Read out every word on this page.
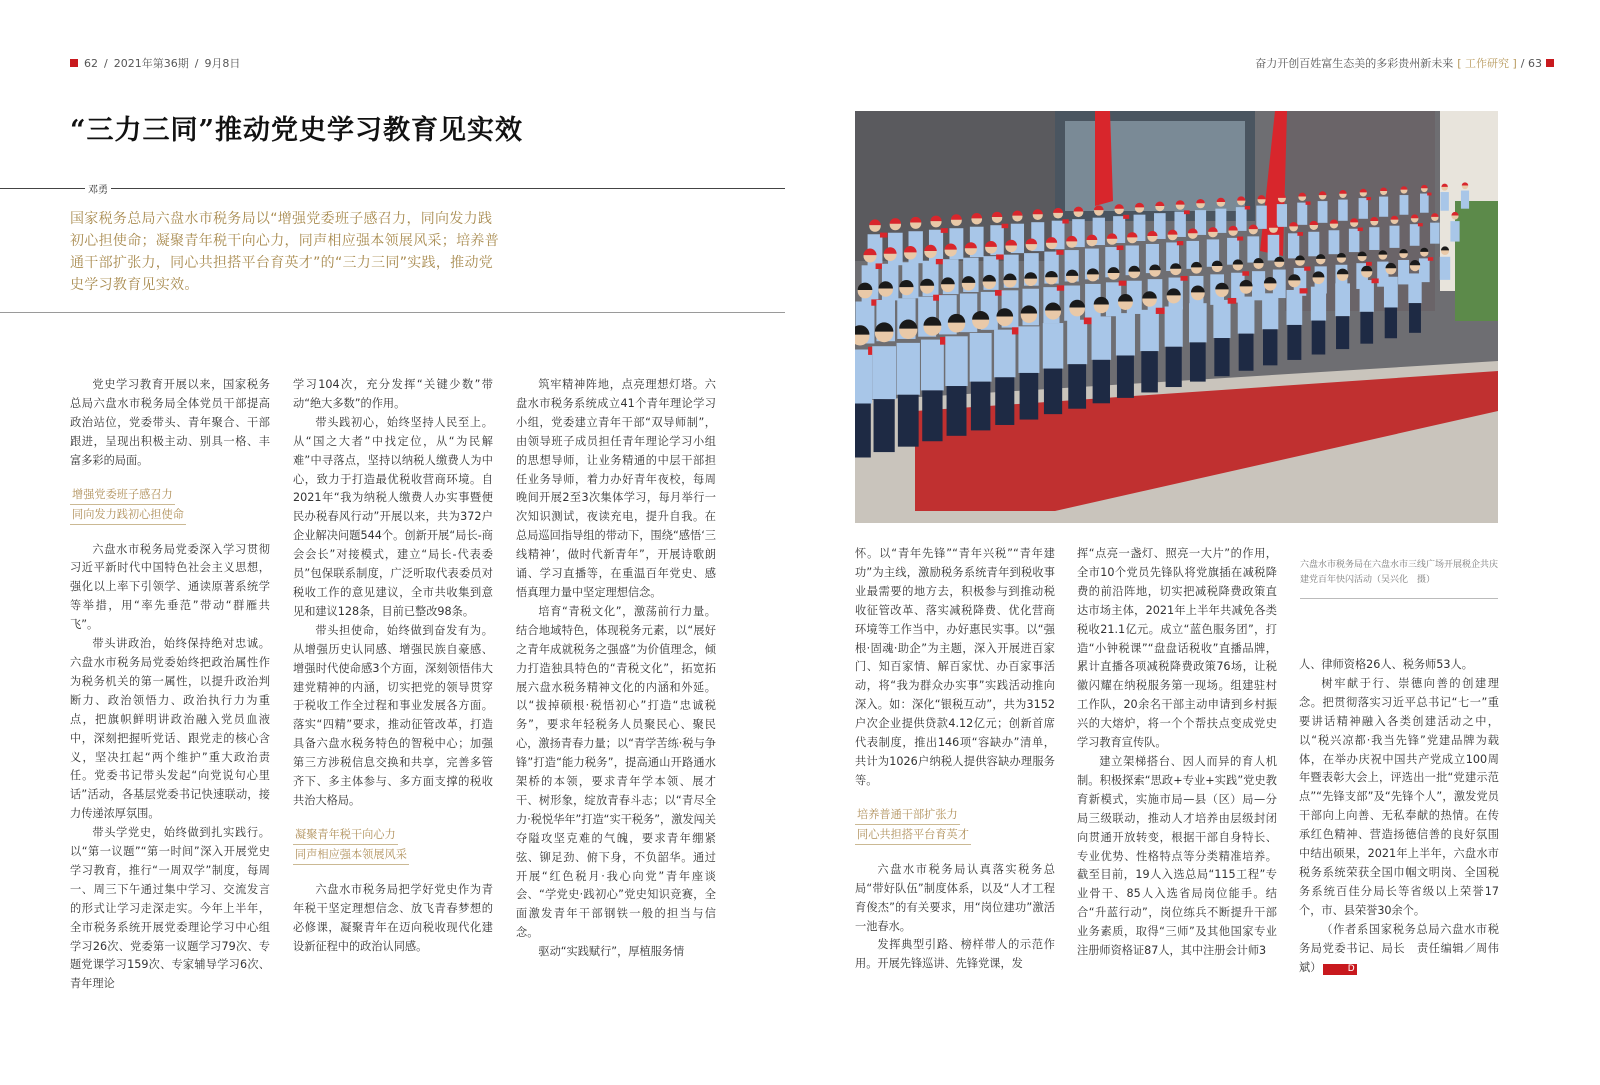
62 / 2021年第36期 / 9月8日	奋力开创百姓富生态美的多彩贵州新未来 [ 工作研究 ] / 63
“三力三同”推动党史学习教育见实效
邓勇
国家税务总局六盘水市税务局以“增强党委班子感召力，同向发力践初心担使命；凝聚青年税干向心力，同声相应强本领展风采；培养普通干部扩张力，同心共担搭平台育英才”的“三力三同”实践，推动党史学习教育见实效。

党史学习教育开展以来，国家税务总局六盘水市税务局全体党员干部提高政治站位，党委带头、青年聚合、干部跟进，呈现出积极主动、别具一格、丰富多彩的局面。

增强党委班子感召力
同向发力践初心担使命

六盘水市税务局党委深入学习贯彻习近平新时代中国特色社会主义思想，强化以上率下引领学、通读原著系统学等举措，用“率先垂范”带动“群雁共飞”。

带头讲政治，始终保持绝对忠诚。六盘水市税务局党委始终把政治属性作为税务机关的第一属性，以提升政治判断力、政治领悟力、政治执行力为重点，把旗帜鲜明讲政治融入党员血液中，深刻把握听党话、跟党走的核心含义，坚决扛起“两个维护”重大政治责任。党委书记带头发起“向党说句心里话”活动，各基层党委书记快速联动，接力传递浓厚氛围。

带头学党史，始终做到扎实践行。以“第一议题”“第一时间”深入开展党史学习教育，推行“一周双学”制度，每周一、周三下午通过集中学习、交流发言的形式让学习走深走实。今年上半年，全市税务系统开展党委理论学习中心组学习26次、党委第一议题学习79次、专题党课学习159次、专家辅导学习6次、青年理论

学习104次，充分发挥“关键少数”带动“绝大多数”的作用。

带头践初心，始终坚持人民至上。从“国之大者”中找定位，从“为民解难”中寻落点，坚持以纳税人缴费人为中心，致力于打造最优税收营商环境。自2021年“我为纳税人缴费人办实事暨便民办税春风行动”开展以来，共为372户企业解决问题544个。创新开展“局长-商会会长”对接模式，建立“局长-代表委员”包保联系制度，广泛听取代表委员对税收工作的意见建议，全市共收集到意见和建议128条，目前已整改98条。

带头担使命，始终做到奋发有为。从增强历史认同感、增强民族自豪感、增强时代使命感3个方面，深刻领悟伟大建党精神的内涵，切实把党的领导贯穿于税收工作全过程和事业发展各方面。落实“四精”要求，推动征管改革，打造具备六盘水税务特色的智税中心；加强第三方涉税信息交换和共享，完善多管齐下、多主体参与、多方面支撑的税收共治大格局。

凝聚青年税干向心力
同声相应强本领展风采

六盘水市税务局把学好党史作为青年税干坚定理想信念、放飞青春梦想的必修课，凝聚青年在迈向税收现代化建设新征程中的政治认同感。

筑牢精神阵地，点亮理想灯塔。六盘水市税务系统成立41个青年理论学习小组，党委建立青年干部“双导师制”，由领导班子成员担任青年理论学习小组的思想导师，让业务精通的中层干部担任业务导师，着力办好青年夜校，每周晚间开展2至3次集体学习，每月举行一次知识测试，夜读充电，提升自我。在总局巡回指导组的带动下，围绕“感悟‘三线精神’，做时代新青年”，开展诗歌朗诵、学习直播等，在重温百年党史、感悟真理力量中坚定理想信念。

培育“青税文化”，激荡前行力量。结合地域特色，体现税务元素，以“展好之青年成就税务之强盛”为价值理念，倾力打造独具特色的“青税文化”，拓宽拓展六盘水税务精神文化的内涵和外延。以“拔掉硕根·税悟初心”打造“忠诚税务”，要求年轻税务人员聚民心、聚民心，激扬青春力量；以“青学苦练·税与争锋”打造“能力税务”，提高通山开路通水架桥的本领，要求青年学本领、展才干、树形象，绽放青春斗志；以“青尽全力·税悦华年”打造“实干税务”，激发闯关夺隘攻坚克难的气魄，要求青年绷紧弦、铆足劲、俯下身，不负韶华。通过开展“红色税月·我心向党”青年座谈会、“学党史·践初心”党史知识竞赛，全面激发青年干部钢铁一般的担当与信念。

驱动“实践赋行”，厚植服务情

六盘水市税务局在六盘水市三线广场开展税企共庆建党百年快闪活动（吴兴化　摄）

怀。以“青年先锋”“青年兴税”“青年建功”为主线，激励税务系统青年到税收事业最需要的地方去，积极参与到推动税收征管改革、落实减税降费、优化营商环境等工作当中，办好惠民实事。以“强根·固魂·助企”为主题，深入开展进百家门、知百家情、解百家忧、办百家事活动，将“我为群众办实事”实践活动推向深入。如：深化“银税互动”，共为3152户次企业提供贷款4.12亿元；创新首席代表制度，推出146项“容缺办”清单，共计为1026户纳税人提供容缺办理服务等。

培养普通干部扩张力
同心共担搭平台育英才

六盘水市税务局认真落实税务总局“带好队伍”制度体系，以及“人才工程育俊杰”的有关要求，用“岗位建功”激活一池春水。

发挥典型引路、榜样带人的示范作用。开展先锋巡讲、先锋党课，发

挥“点亮一盏灯、照亮一大片”的作用，全市10个党员先锋队将党旗插在减税降费的前沿阵地，切实把减税降费政策直达市场主体，2021年上半年共减免各类税收21.1亿元。成立“蓝色服务团”，打造“小钟税课”“盘盘话税收”直播品牌，累计直播各项减税降费政策76场，让税徽闪耀在纳税服务第一现场。组建驻村工作队，20余名干部主动申请到乡村振兴的大熔炉，将一个个帮扶点变成党史学习教育宣传队。

建立架梯搭台、因人而异的育人机制。积极探索“思政+专业+实践”党史教育新模式，实施市局—县（区）局—分局三级联动，推动人才培养由层级封闭向贯通开放转变，根据干部自身特长、专业优势、性格特点等分类精准培养。截至目前，19人入选总局“115工程”专业骨干、85人入选省局岗位能手。结合“升蓝行动”，岗位练兵不断提升干部业务素质，取得“三师”及其他国家专业注册师资格证87人，其中注册会计师3

人、律师资格26人、税务师53人。

树牢献于行、崇德向善的创建理念。把贯彻落实习近平总书记“七一”重要讲话精神融入各类创建活动之中，以“税兴凉都·我当先锋”党建品牌为载体，在举办庆祝中国共产党成立100周年暨表彰大会上，评选出一批“党建示范点”“先锋支部”及“先锋个人”，激发党员干部向上向善、无私奉献的热情。在传承红色精神、营造扬德信善的良好氛围中结出硕果，2021年上半年，六盘水市税务系统荣获全国巾帼文明岗、全国税务系统百佳分局长等省级以上荣誉17个，市、县荣誉30余个。

（作者系国家税务总局六盘水市税务局党委书记、局长　责任编辑／周伟斌）	D
